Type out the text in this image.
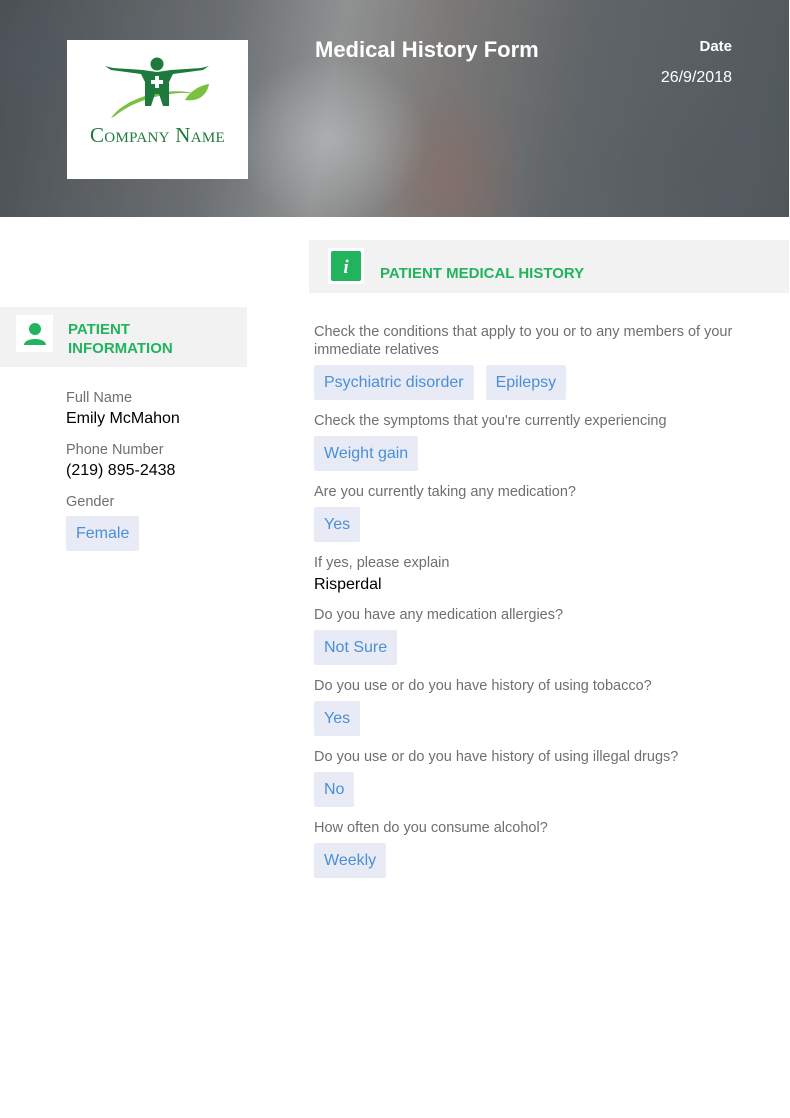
Company Name
Medical History Form	Date
26/9/2018
i PATIENT MEDICAL HISTORY
PATIENT INFORMATION
Full Name
Emily McMahon
Phone Number
(219) 895-2438
Gender
Female
Check the conditions that apply to you or to any members of your immediate relatives
Psychiatric disorder	Epilepsy
Check the symptoms that you're currently experiencing
Weight gain
Are you currently taking any medication?
Yes
If yes, please explain
Risperdal
Do you have any medication allergies?
Not Sure
Do you use or do you have history of using tobacco?
Yes
Do you use or do you have history of using illegal drugs?
No
How often do you consume alcohol?
Weekly
